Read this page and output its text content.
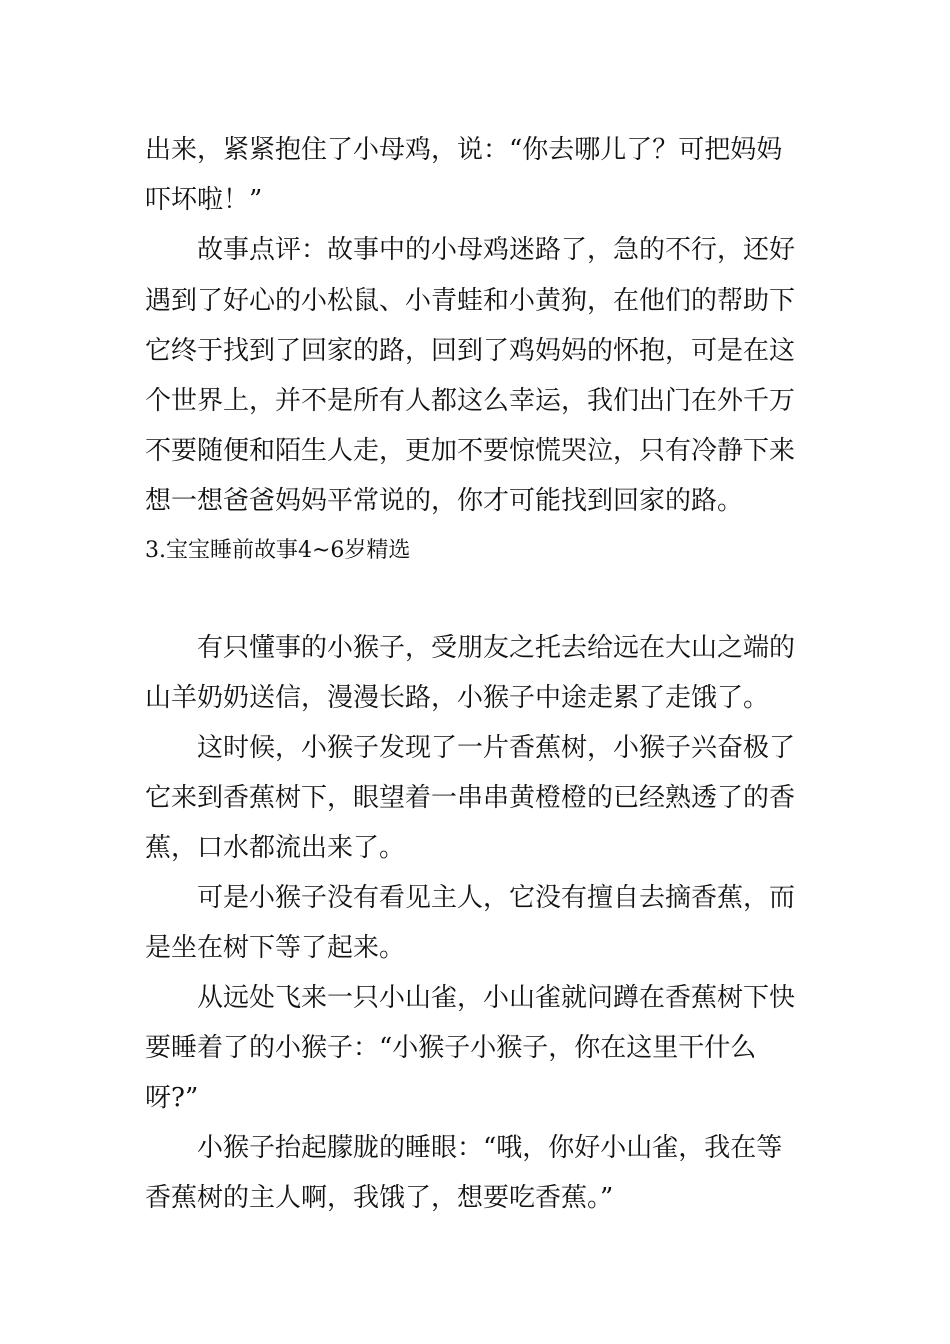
出来，紧紧抱住了小母鸡，说：“你去哪儿了？可把妈妈
吓坏啦！”
故事点评：故事中的小母鸡迷路了，急的不行，还好
遇到了好心的小松鼠、小青蛙和小黄狗，在他们的帮助下
它终于找到了回家的路，回到了鸡妈妈的怀抱，可是在这
个世界上，并不是所有人都这么幸运，我们出门在外千万
不要随便和陌生人走，更加不要惊慌哭泣，只有冷静下来
想一想爸爸妈妈平常说的，你才可能找到回家的路。
3.宝宝睡前故事4~6岁精选
有只懂事的小猴子，受朋友之托去给远在大山之端的
山羊奶奶送信，漫漫长路，小猴子中途走累了走饿了。
这时候，小猴子发现了一片香蕉树，小猴子兴奋极了
它来到香蕉树下，眼望着一串串黄橙橙的已经熟透了的香
蕉，口水都流出来了。
可是小猴子没有看见主人，它没有擅自去摘香蕉，而
是坐在树下等了起来。
从远处飞来一只小山雀，小山雀就问蹲在香蕉树下快
要睡着了的小猴子：“小猴子小猴子，你在这里干什么
呀?”
小猴子抬起朦胧的睡眼：“哦，你好小山雀，我在等
香蕉树的主人啊，我饿了，想要吃香蕉。”
